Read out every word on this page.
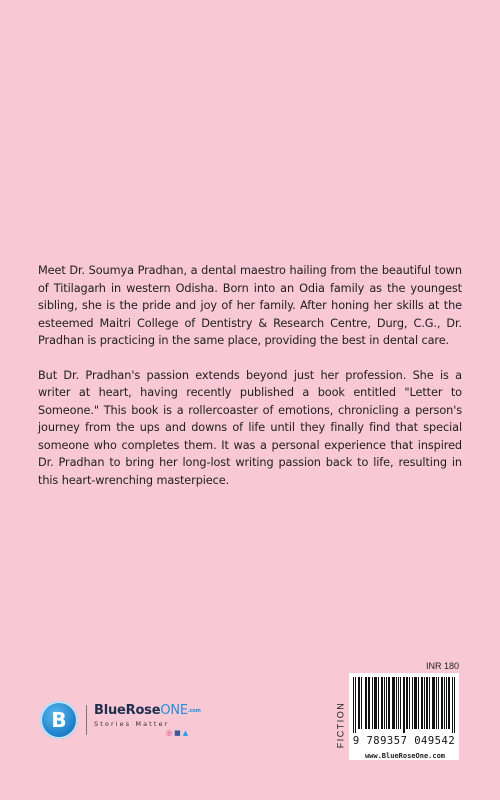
Meet Dr. Soumya Pradhan, a dental maestro hailing from the beautiful town of Titilagarh in western Odisha. Born into an Odia family as the youngest sibling, she is the pride and joy of her family. After honing her skills at the esteemed Maitri College of Dentistry & Research Centre, Durg, C.G., Dr. Pradhan is practicing in the same place, providing the best in dental care.

But Dr. Pradhan's passion extends beyond just her profession. She is a writer at heart, having recently published a book entitled "Letter to Someone." This book is a rollercoaster of emotions, chronicling a person's journey from the ups and downs of life until they finally find that special someone who completes them. It was a personal experience that inspired Dr. Pradhan to bring her long-lost writing passion back to life, resulting in this heart-wrenching masterpiece.

B BlueRoseONE$^{.com}$
Stories Matter
◎ ■ ▲
INR 180
FICTION 9 789357 049542
www.BlueRoseOne.com
